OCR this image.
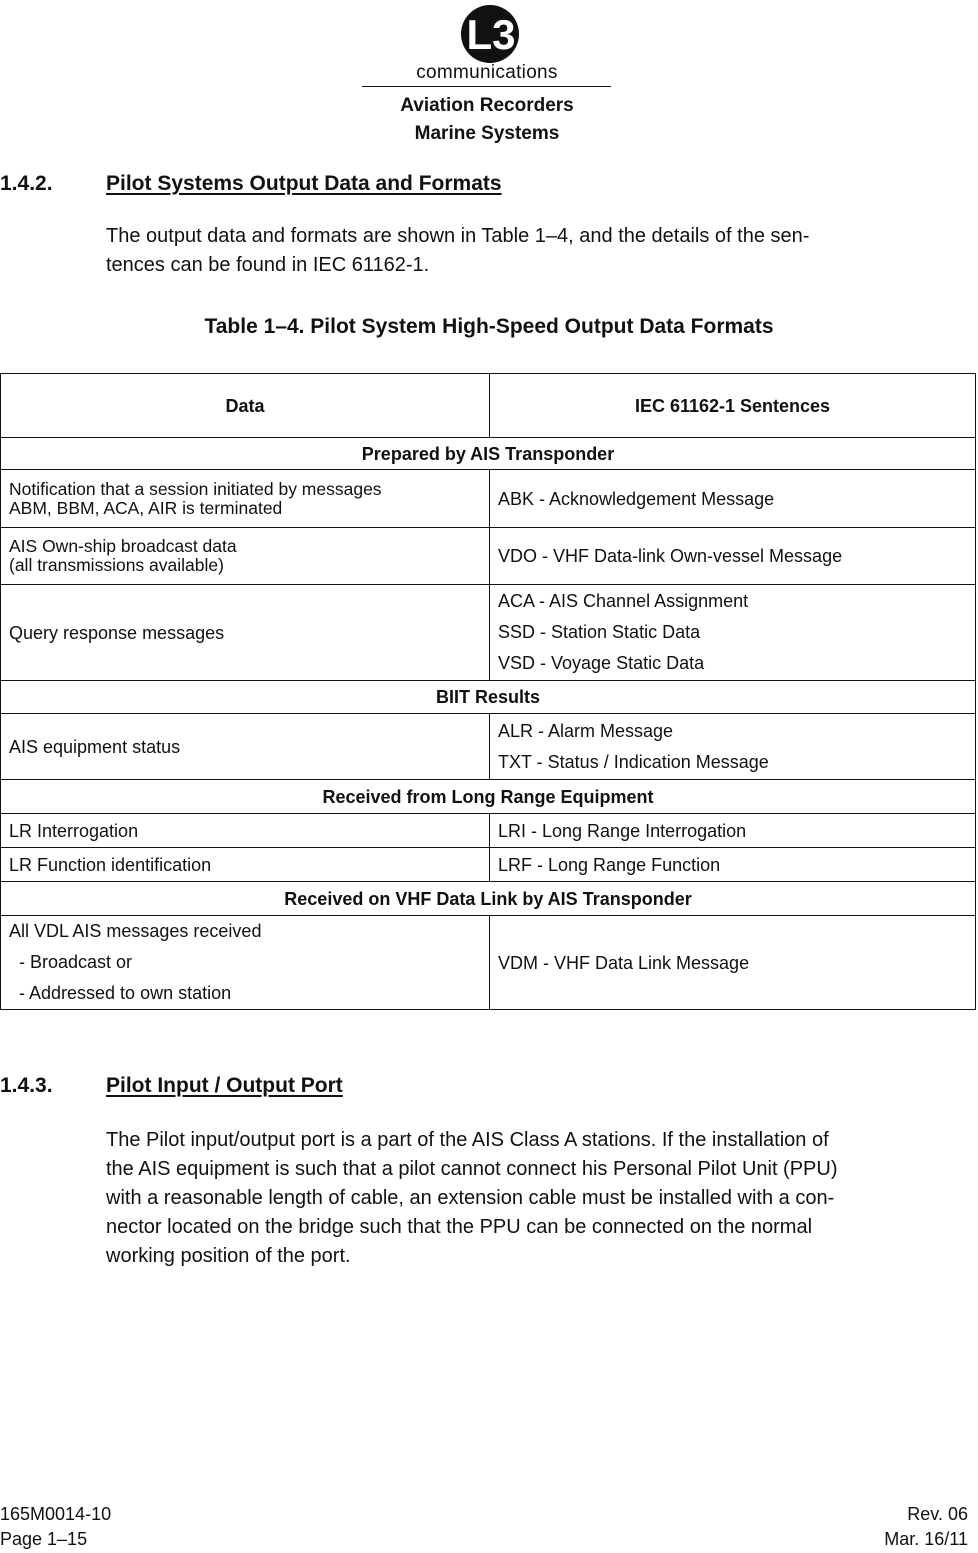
L3
communications
Aviation Recorders
Marine Systems
1.4.2.	Pilot Systems Output Data and Formats
The output data and formats are shown in Table 1–4, and the details of the sen-
tences can be found in IEC 61162-1.
Table 1–4. Pilot System High-Speed Output Data Formats
Data	IEC 61162-1 Sentences
Prepared by AIS Transponder	

Notification that a session initiated by messages
ABM, BBM, ACA, AIR is terminated	ABK - Acknowledgement Message

AIS Own-ship broadcast data
(all transmissions available)	VDO - VHF Data-link Own-vessel Message
Query response messages	ACA - AIS Channel Assignment
SSD - Station Static Data
VSD - Voyage Static Data

BIIT Results	
AIS equipment status	ALR - Alarm Message
TXT - Status / Indication Message

Received from Long Range Equipment	
LR Interrogation	LRI - Long Range Interrogation
LR Function identification	LRF - Long Range Function
Received on VHF Data Link by AIS Transponder	

All VDL AIS messages received
- Broadcast or
- Addressed to own station	VDM - VHF Data Link Message
1.4.3.	Pilot Input / Output Port
The Pilot input/output port is a part of the AIS Class A stations. If the installation of
the AIS equipment is such that a pilot cannot connect his Personal Pilot Unit (PPU)
with a reasonable length of cable, an extension cable must be installed with a con-
nector located on the bridge such that the PPU can be connected on the normal
working position of the port.
165M0014-10
Page 1–15
Rev. 06
Mar. 16/11
